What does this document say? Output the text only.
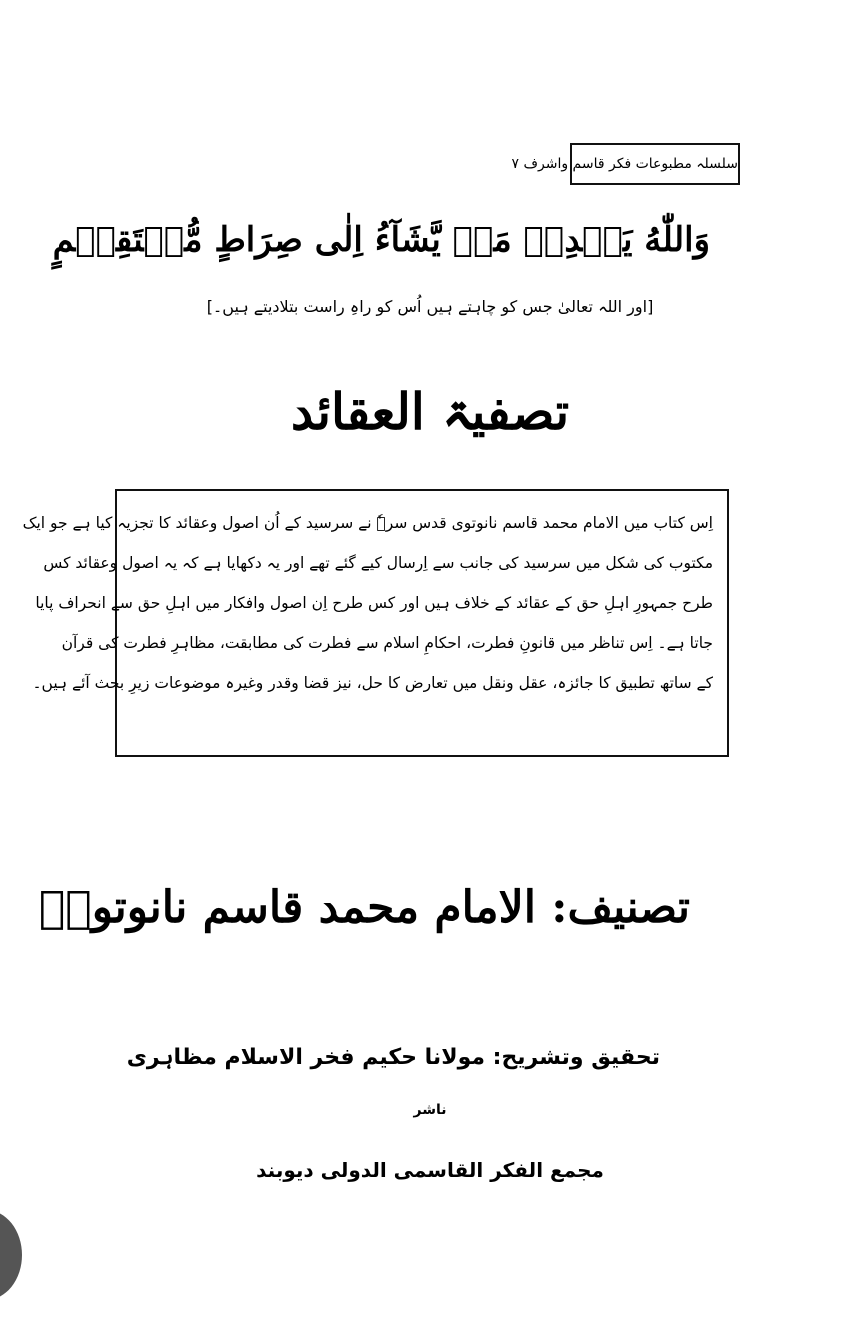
سلسلہ مطبوعات فکر قاسم واشرف ۷
وَاللّٰهُ يَهۡدِىۡ مَنۡ يَّشَآءُ اِلٰى صِرَاطٍ مُّسۡتَقِيۡمٍ
[اور اللہ تعالیٰ جس کو چاہتے ہیں اُس کو راہِ راست بتلادیتے ہیں۔]
تصفیۃ العقائد
اِس کتاب میں الامام محمد قاسم نانوتوی قدس سرہٗ نے سرسید کے اُن اصول وعقائد کا تجزیہ کیا ہے جو ایک
مکتوب کی شکل میں سرسید کی جانب سے اِرسال کیے گئے تھے اور یہ دکھایا ہے کہ یہ اصول وعقائد کس
طرح جمہورِ اہلِ حق کے عقائد کے خلاف ہیں اور کس طرح اِن اصول وافکار میں اہلِ حق سے انحراف پایا
جاتا ہے۔ اِس تناظر میں قانونِ فطرت، احکامِ اسلام سے فطرت کی مطابقت، مظاہرِ فطرت کی قرآن
کے ساتھ تطبیق کا جائزہ، عقل ونقل میں تعارض کا حل، نیز قضا وقدر وغیرہ موضوعات زیرِ بحث آئے ہیں۔
تصنیف: الامام محمد قاسم نانوتویؒ
تحقیق وتشریح: مولانا حکیم فخر الاسلام مظاہری
ناشر
مجمع الفکر القاسمی الدولی دیوبند
